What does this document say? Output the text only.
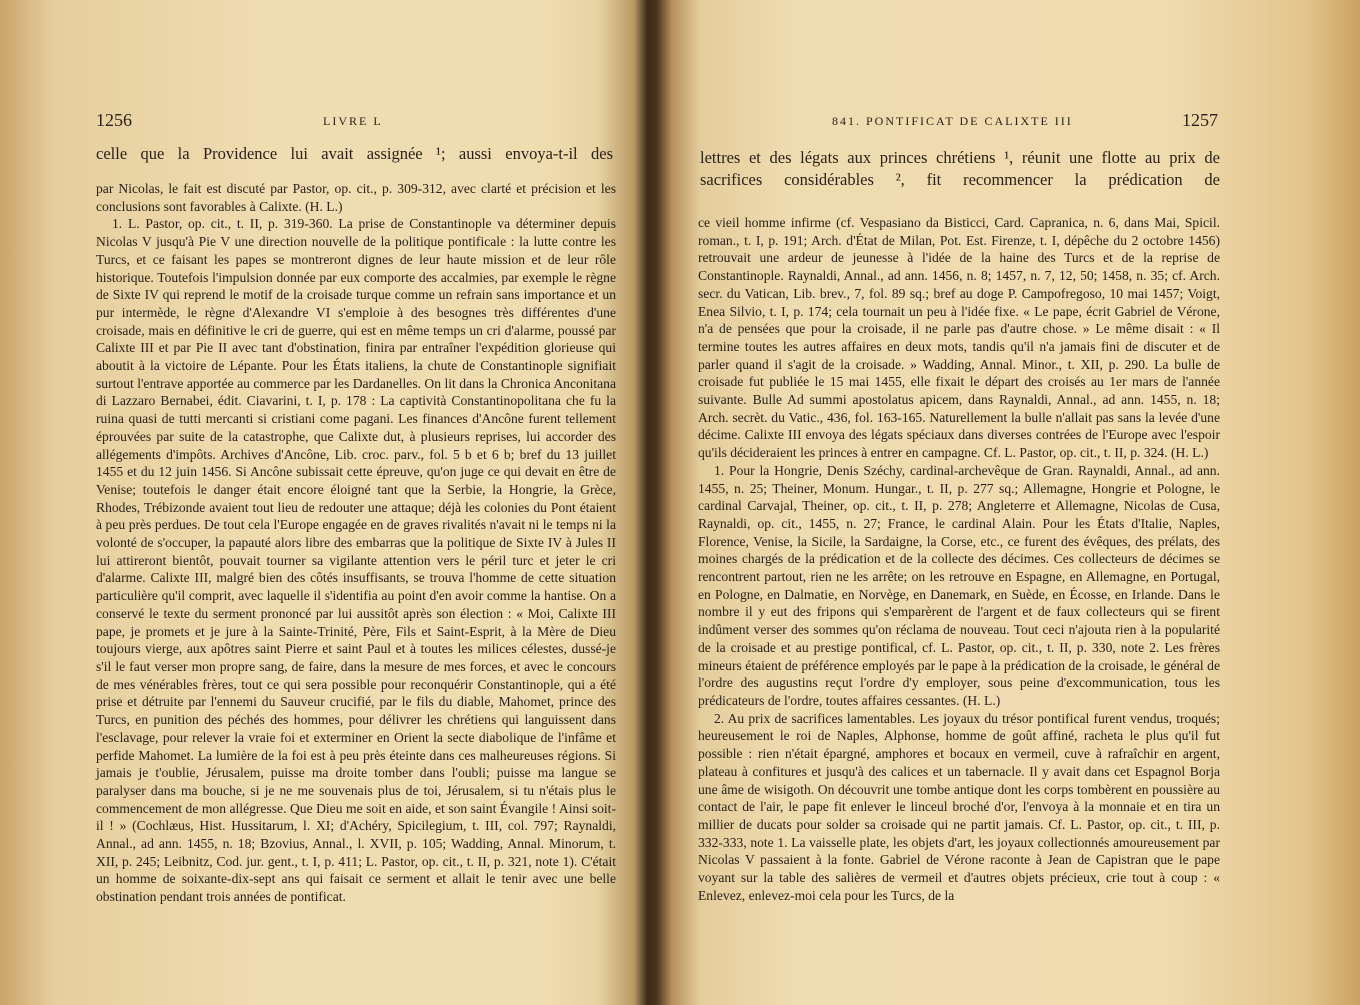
1256	LIVRE L
celle que la Providence lui avait assignée ¹; aussi envoya-t-il des

par Nicolas, le fait est discuté par Pastor, op. cit., p. 309-312, avec clarté et précision et les conclusions sont favorables à Calixte. (H. L.)

1. L. Pastor, op. cit., t. II, p. 319-360. La prise de Constantinople va déterminer depuis Nicolas V jusqu'à Pie V une direction nouvelle de la politique pontificale : la lutte contre les Turcs, et ce faisant les papes se montreront dignes de leur haute mission et de leur rôle historique. Toutefois l'impulsion donnée par eux comporte des accalmies, par exemple le règne de Sixte IV qui reprend le motif de la croisade turque comme un refrain sans importance et un pur intermède, le règne d'Alexandre VI s'emploie à des besognes très différentes d'une croisade, mais en définitive le cri de guerre, qui est en même temps un cri d'alarme, poussé par Calixte III et par Pie II avec tant d'obstination, finira par entraîner l'expédition glorieuse qui aboutit à la victoire de Lépante. Pour les États italiens, la chute de Constantinople signifiait surtout l'entrave apportée au commerce par les Dardanelles. On lit dans la Chronica Anconitana di Lazzaro Bernabei, édit. Ciavarini, t. I, p. 178 : La captività Constantinopolitana che fu la ruina quasi de tutti mercanti si cristiani come pagani. Les finances d'Ancône furent tellement éprouvées par suite de la catastrophe, que Calixte dut, à plusieurs reprises, lui accorder des allégements d'impôts. Archives d'Ancône, Lib. croc. parv., fol. 5 b et 6 b; bref du 13 juillet 1455 et du 12 juin 1456. Si Ancône subissait cette épreuve, qu'on juge ce qui devait en être de Venise; toutefois le danger était encore éloigné tant que la Serbie, la Hongrie, la Grèce, Rhodes, Trébizonde avaient tout lieu de redouter une attaque; déjà les colonies du Pont étaient à peu près perdues. De tout cela l'Europe engagée en de graves rivalités n'avait ni le temps ni la volonté de s'occuper, la papauté alors libre des embarras que la politique de Sixte IV à Jules II lui attireront bientôt, pouvait tourner sa vigilante attention vers le péril turc et jeter le cri d'alarme. Calixte III, malgré bien des côtés insuffisants, se trouva l'homme de cette situation particulière qu'il comprit, avec laquelle il s'identifia au point d'en avoir comme la hantise. On a conservé le texte du serment prononcé par lui aussitôt après son élection : « Moi, Calixte III pape, je promets et je jure à la Sainte-Trinité, Père, Fils et Saint-Esprit, à la Mère de Dieu toujours vierge, aux apôtres saint Pierre et saint Paul et à toutes les milices célestes, dussé-je s'il le faut verser mon propre sang, de faire, dans la mesure de mes forces, et avec le concours de mes vénérables frères, tout ce qui sera possible pour reconquérir Constantinople, qui a été prise et détruite par l'ennemi du Sauveur crucifié, par le fils du diable, Mahomet, prince des Turcs, en punition des péchés des hommes, pour délivrer les chrétiens qui languissent dans l'esclavage, pour relever la vraie foi et exterminer en Orient la secte diabolique de l'infâme et perfide Mahomet. La lumière de la foi est à peu près éteinte dans ces malheureuses régions. Si jamais je t'oublie, Jérusalem, puisse ma droite tomber dans l'oubli; puisse ma langue se paralyser dans ma bouche, si je ne me souvenais plus de toi, Jérusalem, si tu n'étais plus le commencement de mon allégresse. Que Dieu me soit en aide, et son saint Évangile ! Ainsi soit-il ! » (Cochlæus, Hist. Hussitarum, l. XI; d'Achéry, Spicilegium, t. III, col. 797; Raynaldi, Annal., ad ann. 1455, n. 18; Bzovius, Annal., l. XVII, p. 105; Wadding, Annal. Minorum, t. XII, p. 245; Leibnitz, Cod. jur. gent., t. I, p. 411; L. Pastor, op. cit., t. II, p. 321, note 1). C'était un homme de soixante-dix-sept ans qui faisait ce serment et allait le tenir avec une belle obstination pendant trois années de pontificat.

841. PONTIFICAT DE CALIXTE III	1257
lettres et des légats aux princes chrétiens ¹, réunit une flotte au prix de sacrifices considérables ², fit recommencer la prédication de

ce vieil homme infirme (cf. Vespasiano da Bisticci, Card. Capranica, n. 6, dans Mai, Spicil. roman., t. I, p. 191; Arch. d'État de Milan, Pot. Est. Firenze, t. I, dépêche du 2 octobre 1456) retrouvait une ardeur de jeunesse à l'idée de la haine des Turcs et de la reprise de Constantinople. Raynaldi, Annal., ad ann. 1456, n. 8; 1457, n. 7, 12, 50; 1458, n. 35; cf. Arch. secr. du Vatican, Lib. brev., 7, fol. 89 sq.; bref au doge P. Campofregoso, 10 mai 1457; Voigt, Enea Silvio, t. I, p. 174; cela tournait un peu à l'idée fixe. « Le pape, écrit Gabriel de Vérone, n'a de pensées que pour la croisade, il ne parle pas d'autre chose. » Le même disait : « Il termine toutes les autres affaires en deux mots, tandis qu'il n'a jamais fini de discuter et de parler quand il s'agit de la croisade. » Wadding, Annal. Minor., t. XII, p. 290. La bulle de croisade fut publiée le 15 mai 1455, elle fixait le départ des croisés au 1er mars de l'année suivante. Bulle Ad summi apostolatus apicem, dans Raynaldi, Annal., ad ann. 1455, n. 18; Arch. secrèt. du Vatic., 436, fol. 163-165. Naturellement la bulle n'allait pas sans la levée d'une décime. Calixte III envoya des légats spéciaux dans diverses contrées de l'Europe avec l'espoir qu'ils décideraient les princes à entrer en campagne. Cf. L. Pastor, op. cit., t. II, p. 324. (H. L.)

1. Pour la Hongrie, Denis Széchy, cardinal-archevêque de Gran. Raynaldi, Annal., ad ann. 1455, n. 25; Theiner, Monum. Hungar., t. II, p. 277 sq.; Allemagne, Hongrie et Pologne, le cardinal Carvajal, Theiner, op. cit., t. II, p. 278; Angleterre et Allemagne, Nicolas de Cusa, Raynaldi, op. cit., 1455, n. 27; France, le cardinal Alain. Pour les États d'Italie, Naples, Florence, Venise, la Sicile, la Sardaigne, la Corse, etc., ce furent des évêques, des prélats, des moines chargés de la prédication et de la collecte des décimes. Ces collecteurs de décimes se rencontrent partout, rien ne les arrête; on les retrouve en Espagne, en Allemagne, en Portugal, en Pologne, en Dalmatie, en Norvège, en Danemark, en Suède, en Écosse, en Irlande. Dans le nombre il y eut des fripons qui s'emparèrent de l'argent et de faux collecteurs qui se firent indûment verser des sommes qu'on réclama de nouveau. Tout ceci n'ajouta rien à la popularité de la croisade et au prestige pontifical, cf. L. Pastor, op. cit., t. II, p. 330, note 2. Les frères mineurs étaient de préférence employés par le pape à la prédication de la croisade, le général de l'ordre des augustins reçut l'ordre d'y employer, sous peine d'excommunication, tous les prédicateurs de l'ordre, toutes affaires cessantes. (H. L.)

2. Au prix de sacrifices lamentables. Les joyaux du trésor pontifical furent vendus, troqués; heureusement le roi de Naples, Alphonse, homme de goût affiné, racheta le plus qu'il fut possible : rien n'était épargné, amphores et bocaux en vermeil, cuve à rafraîchir en argent, plateau à confitures et jusqu'à des calices et un tabernacle. Il y avait dans cet Espagnol Borja une âme de wisigoth. On découvrit une tombe antique dont les corps tombèrent en poussière au contact de l'air, le pape fit enlever le linceul broché d'or, l'envoya à la monnaie et en tira un millier de ducats pour solder sa croisade qui ne partit jamais. Cf. L. Pastor, op. cit., t. III, p. 332-333, note 1. La vaisselle plate, les objets d'art, les joyaux collectionnés amoureusement par Nicolas V passaient à la fonte. Gabriel de Vérone raconte à Jean de Capistran que le pape voyant sur la table des salières de vermeil et d'autres objets précieux, criе tout à coup : « Enlevez, enlevez-moi cela pour les Turcs, de la
